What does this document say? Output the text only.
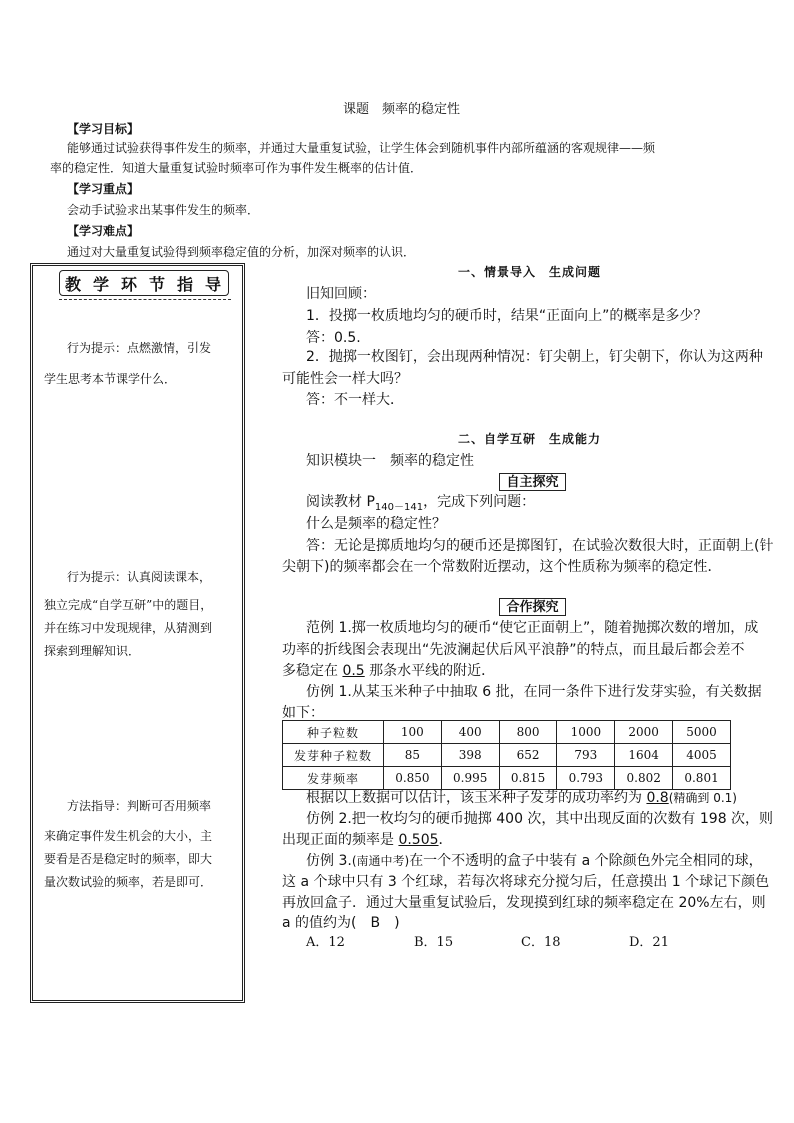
课题　频率的稳定性
【学习目标】
能够通过试验获得事件发生的频率，并通过大量重复试验，让学生体会到随机事件内部所蕴涵的客观规律——频
率的稳定性．知道大量重复试验时频率可作为事件发生概率的估计值．
【学习重点】
会动手试验求出某事件发生的频率．
【学习难点】
通过对大量重复试验得到频率稳定值的分析，加深对频率的认识．
教 学 环 节 指 导
行为提示：点燃激情，引发
学生思考本节课学什么．
行为提示：认真阅读课本，
独立完成“自学互研”中的题目，
并在练习中发现规律，从猜测到
探索到理解知识．
方法指导：判断可否用频率
来确定事件发生机会的大小，主
要看是否是稳定时的频率，即大
量次数试验的频率，若是即可．
一、情景导入　生成问题
旧知回顾：
1．投掷一枚质地均匀的硬币时，结果“正面向上”的概率是多少？
答：0.5.
2．抛掷一枚图钉，会出现两种情况：钉尖朝上，钉尖朝下，你认为这两种
可能性会一样大吗？
答：不一样大．
二、自学互研　生成能力
知识模块一　频率的稳定性
自主探究
阅读教材 $P_{140-141}$，完成下列问题：
什么是频率的稳定性？
答：无论是掷质地均匀的硬币还是掷图钉，在试验次数很大时，正面朝上(针
尖朝下)的频率都会在一个常数附近摆动，这个性质称为频率的稳定性．
合作探究
范例 1.掷一枚质地均匀的硬币“使它正面朝上”，随着抛掷次数的增加，成
功率的折线图会表现出“先波澜起伏后风平浪静”的特点，而且最后都会差不
多稳定在 0.5 那条水平线的附近．
仿例 1.从某玉米种子中抽取 6 批，在同一条件下进行发芽实验，有关数据
如下：
种子粒数	100	400	800	1000	2000	5000
发芽种子粒数	85	398	652	793	1604	4005
发芽频率	0.850	0.995	0.815	0.793	0.802	0.801
根据以上数据可以估计，该玉米种子发芽的成功率约为 0.8(精确到 0.1)
仿例 2.把一枚均匀的硬币抛掷 400 次，其中出现反面的次数有 198 次，则
出现正面的频率是 0.505．
仿例 3.(南通中考)在一个不透明的盒子中装有 a 个除颜色外完全相同的球，
这 a 个球中只有 3 个红球，若每次将球充分搅匀后，任意摸出 1 个球记下颜色
再放回盒子．通过大量重复试验后，发现摸到红球的频率稳定在 20%左右，则
a 的值约为(　B　)
A．12	B．15	C．18	D．21
